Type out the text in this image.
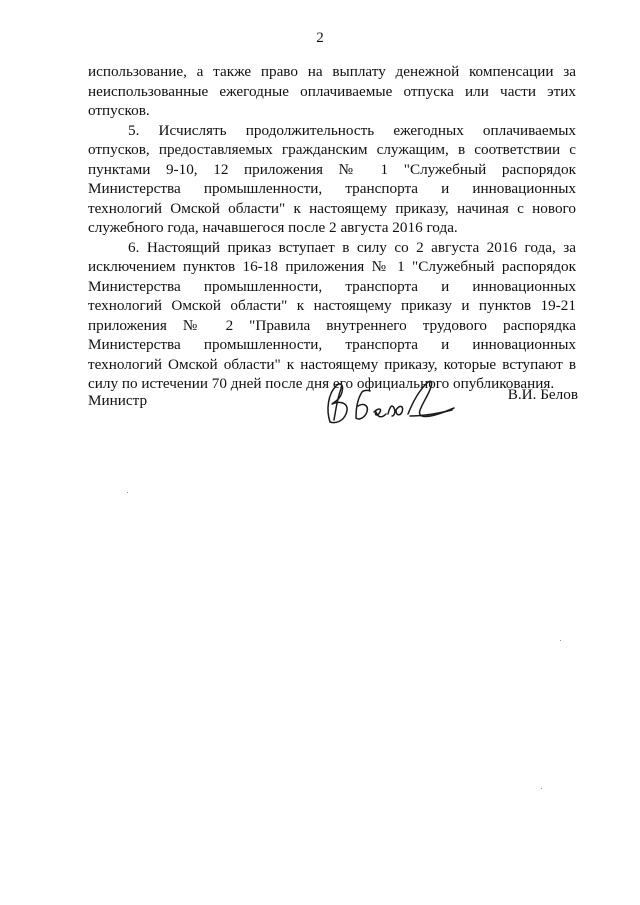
2

использование, а также право на выплату денежной компенсации за неиспользованные ежегодные оплачиваемые отпуска или части этих отпусков.

5. Исчислять продолжительность ежегодных оплачиваемых отпусков, предоставляемых гражданским служащим, в соответствии с пунктами 9-10, 12 приложения № 1 "Служебный распорядок Министерства промышленности, транспорта и инновационных технологий Омской области" к настоящему приказу, начиная с нового служебного года, начавшегося после 2 августа 2016 года.

6. Настоящий приказ вступает в силу со 2 августа 2016 года, за исключением пунктов 16-18 приложения № 1 "Служебный распорядок Министерства промышленности, транспорта и инновационных технологий Омской области" к настоящему приказу и пунктов 19-21 приложения № 2 "Правила внутреннего трудового распорядка Министерства промышленности, транспорта и инновационных технологий Омской области" к настоящему приказу, которые вступают в силу по истечении 70 дней после дня его официального опубликования.

Министр	В.И. Белов
